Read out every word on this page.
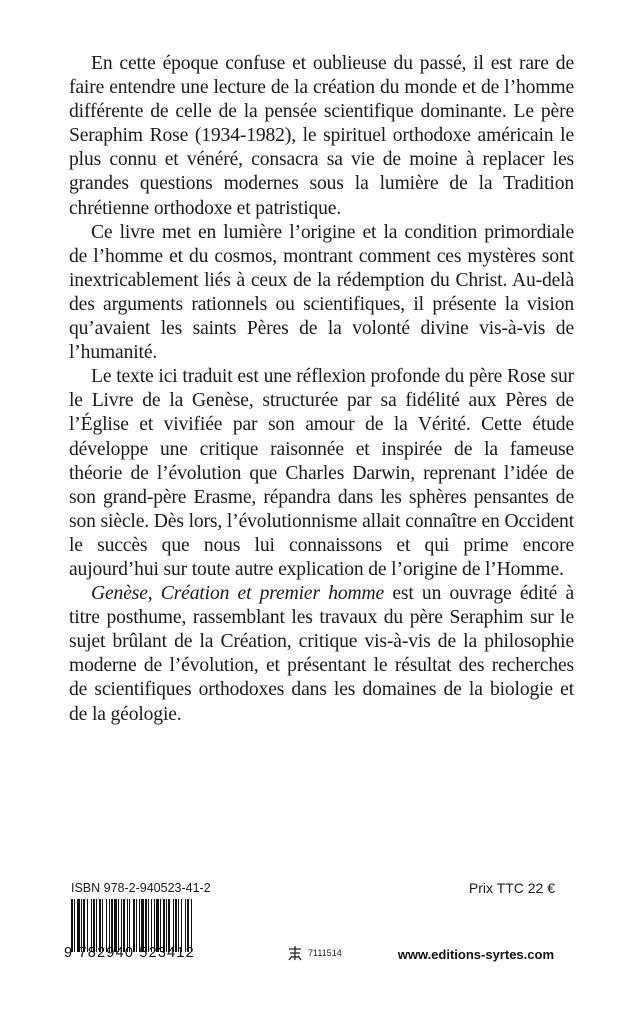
En cette époque confuse et oublieuse du passé, il est rare de faire entendre une lecture de la création du monde et de l’homme différente de celle de la pensée scientifique dominante. Le père Seraphim Rose (1934-1982), le spirituel orthodoxe américain le plus connu et vénéré, consacra sa vie de moine à replacer les grandes questions modernes sous la lumière de la Tradition chrétienne orthodoxe et patristique.

Ce livre met en lumière l’origine et la condition primordiale de l’homme et du cosmos, montrant comment ces mystères sont inextricablement liés à ceux de la rédemption du Christ. Au-delà des arguments rationnels ou scientifiques, il présente la vision qu’avaient les saints Pères de la volonté divine vis-à-vis de l’humanité.

Le texte ici traduit est une réflexion profonde du père Rose sur le Livre de la Genèse, structurée par sa fidélité aux Pères de l’Église et vivifiée par son amour de la Vérité. Cette étude développe une critique raisonnée et inspirée de la fameuse théorie de l’évolution que Charles Darwin, reprenant l’idée de son grand-père Erasme, répandra dans les sphères pensantes de son siècle. Dès lors, l’évolutionnisme allait connaître en Occident le succès que nous lui connaissons et qui prime encore aujourd’hui sur toute autre explication de l’origine de l’Homme.

Genèse, Création et premier homme est un ouvrage édité à titre posthume, rassemblant les travaux du père Seraphim sur le sujet brûlant de la Création, critique vis-à-vis de la philosophie moderne de l’évolution, et présentant le résultat des recherches de scientifiques orthodoxes dans les domaines de la biologie et de la géologie.

ISBN 978-2-940523-41-2	Prix TTC 22 €
9 782940 523412	7111514	www.editions-syrtes.com
